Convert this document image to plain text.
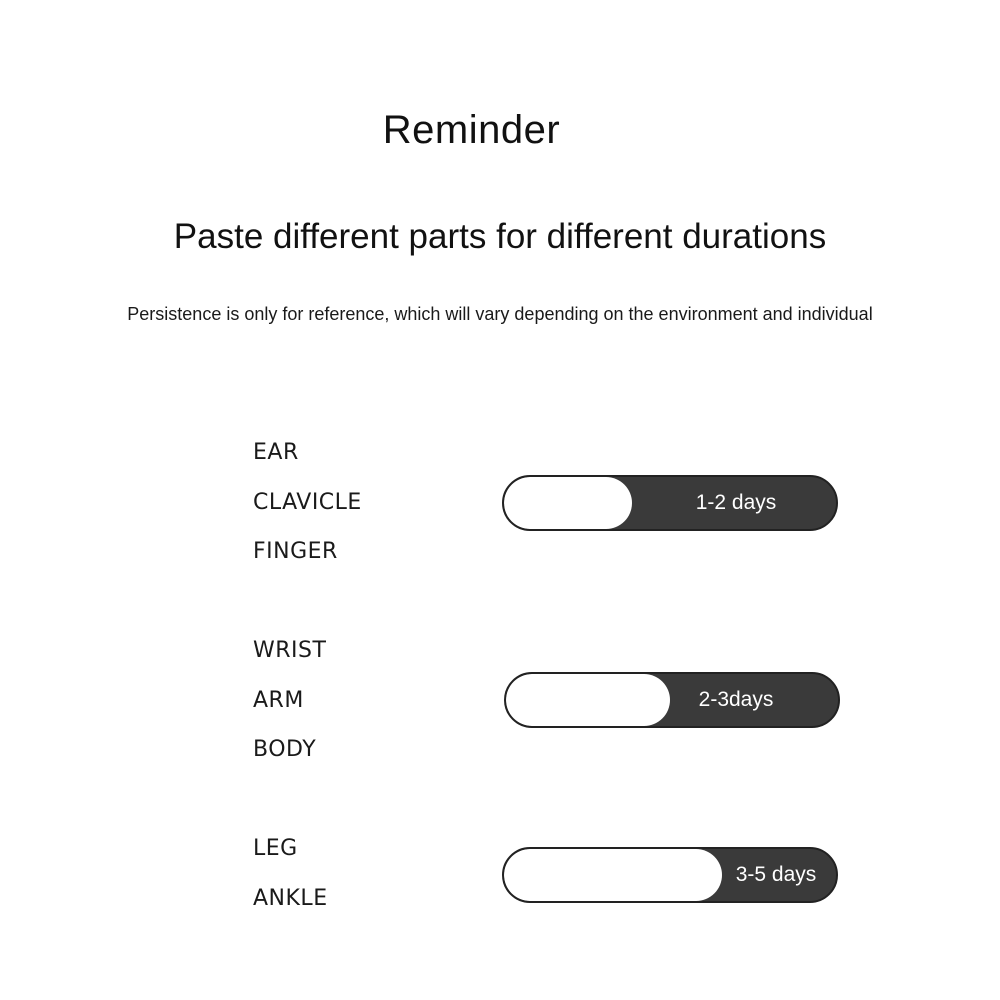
Reminder
Paste different parts for different durations

Persistence is only for reference, which will vary depending on the environment and individual

EAR
CLAVICLE
FINGER
1-2 days
WRIST
ARM
BODY
2-3days
LEG
ANKLE
3-5 days
